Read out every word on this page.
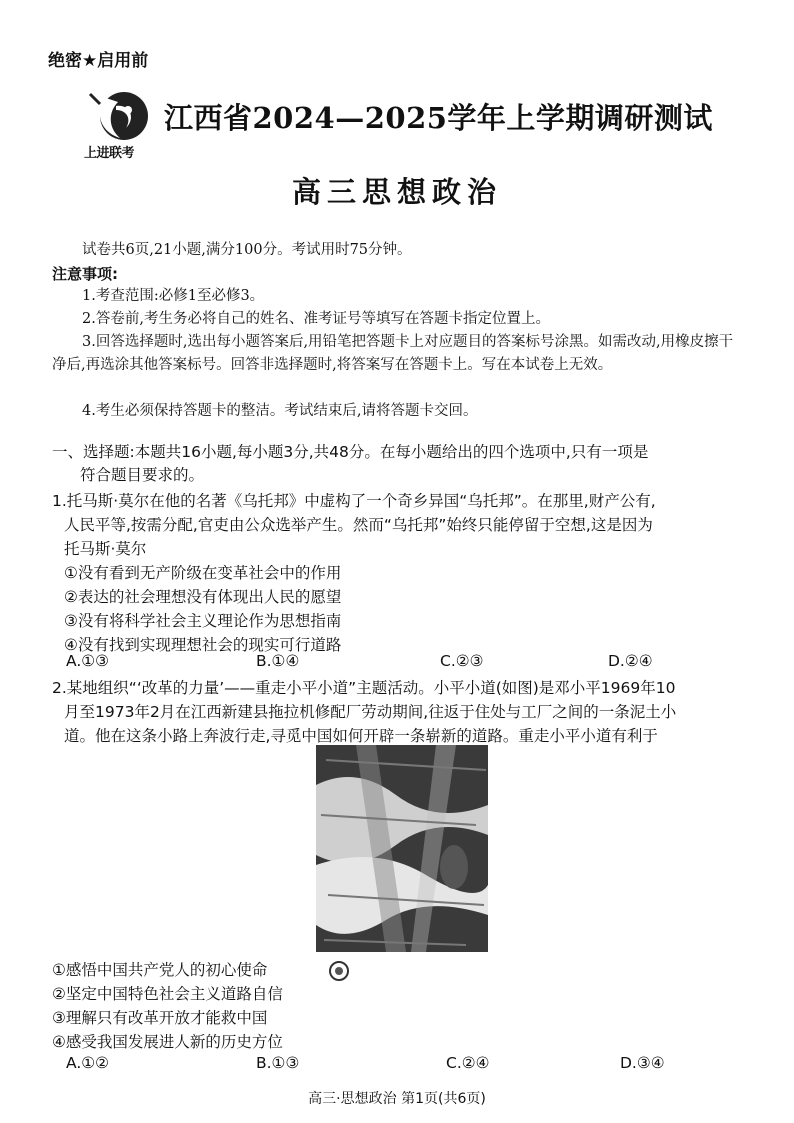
绝密★启用前
上进联考
江西省2024—2025学年上学期调研测试
高三思想政治
试卷共6页,21小题,满分100分。考试用时75分钟。
注意事项:
1.考查范围:必修1至必修3。
2.答卷前,考生务必将自己的姓名、准考证号等填写在答题卡指定位置上。
3.回答选择题时,选出每小题答案后,用铅笔把答题卡上对应题目的答案标号涂黑。如需改动,用橡皮擦干净后,再选涂其他答案标号。回答非选择题时,将答案写在答题卡上。写在本试卷上无效。
4.考生必须保持答题卡的整洁。考试结束后,请将答题卡交回。
一、选择题:本题共16小题,每小题3分,共48分。在每小题给出的四个选项中,只有一项是
符合题目要求的。
1.托马斯·莫尔在他的名著《乌托邦》中虚构了一个奇乡异国“乌托邦”。在那里,财产公有,
人民平等,按需分配,官吏由公众选举产生。然而“乌托邦”始终只能停留于空想,这是因为
托马斯·莫尔
①没有看到无产阶级在变革社会中的作用
②表达的社会理想没有体现出人民的愿望
③没有将科学社会主义理论作为思想指南
④没有找到实现理想社会的现实可行道路
A.①③	B.①④	C.②③	D.②④
2.某地组织“‘改革的力量’——重走小平小道”主题活动。小平小道(如图)是邓小平1969年10
月至1973年2月在江西新建县拖拉机修配厂劳动期间,往返于住处与工厂之间的一条泥土小
道。他在这条小路上奔波行走,寻觅中国如何开辟一条崭新的道路。重走小平小道有利于
①感悟中国共产党人的初心使命
②坚定中国特色社会主义道路自信
③理解只有改革开放才能救中国
④感受我国发展进人新的历史方位
A.①②	B.①③	C.②④	D.③④
高三·思想政治 第1页(共6页)
